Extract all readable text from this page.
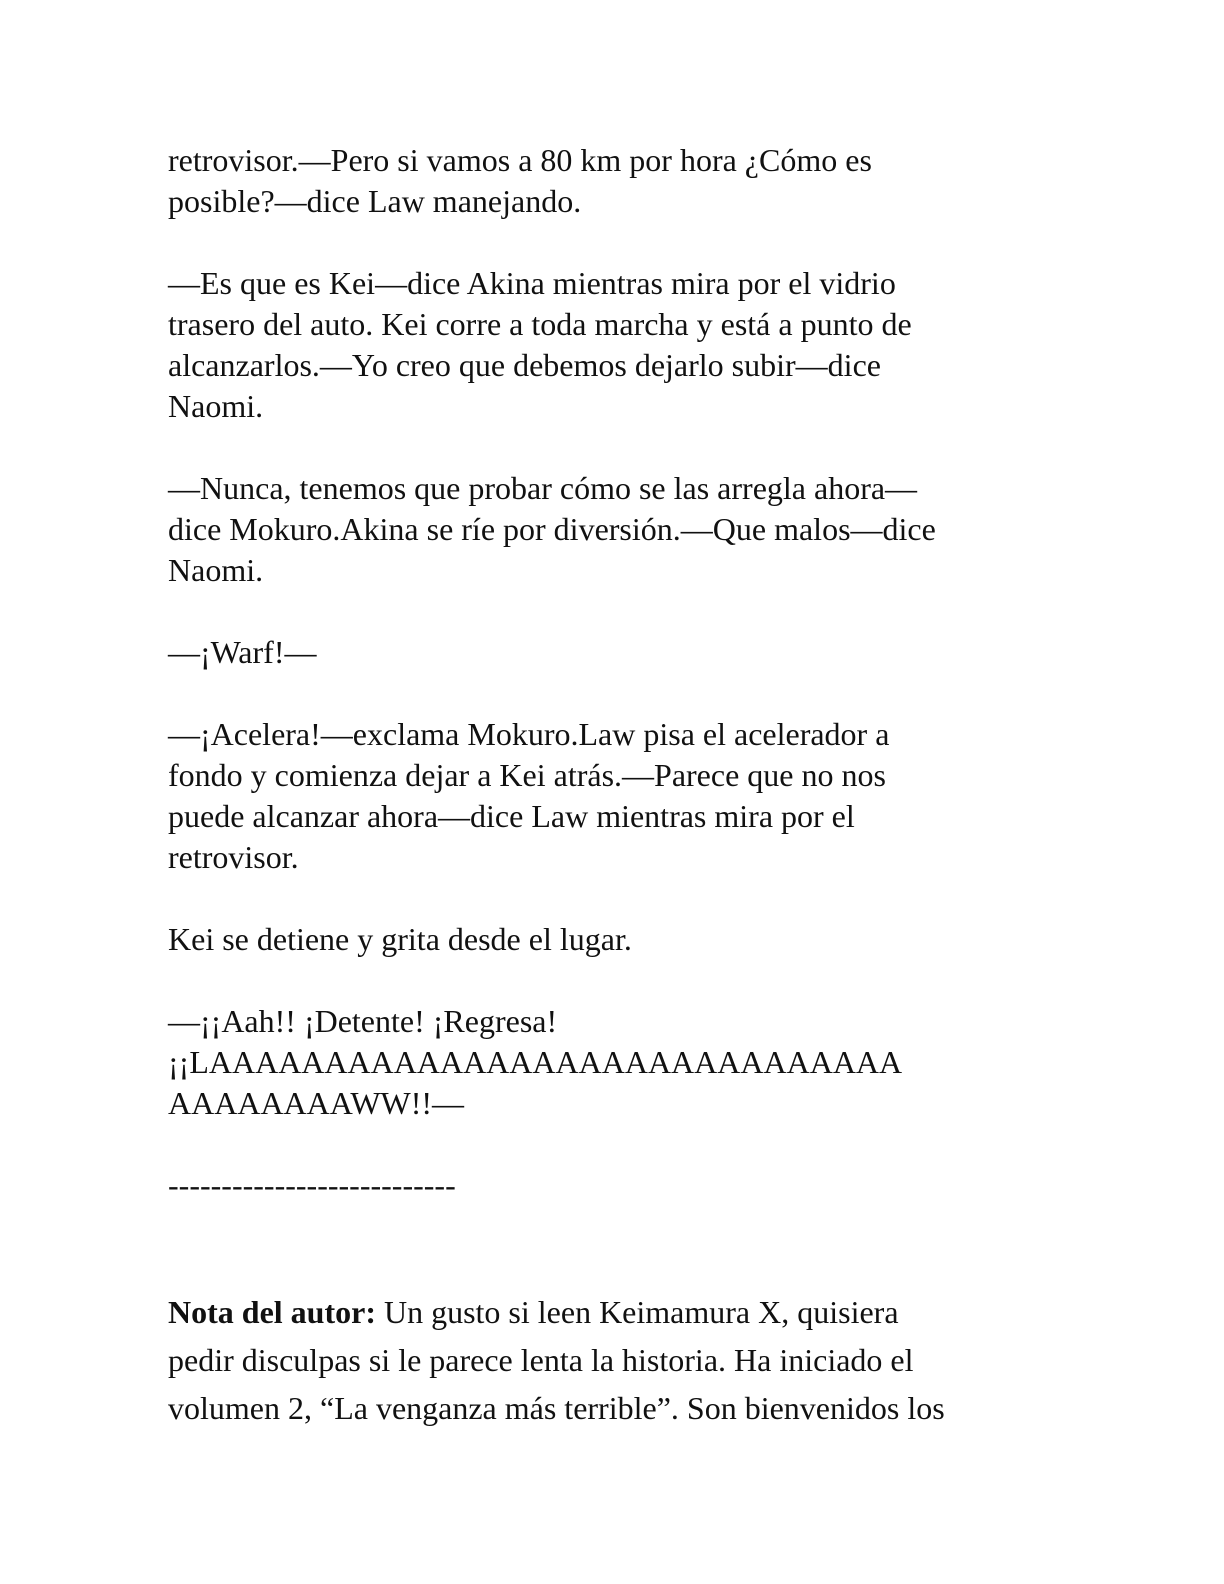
retrovisor.—Pero si vamos a 80 km por hora ¿Cómo es
posible?—dice Law manejando.
—Es que es Kei—dice Akina mientras mira por el vidrio
trasero del auto. Kei corre a toda marcha y está a punto de
alcanzarlos.—Yo creo que debemos dejarlo subir—dice
Naomi.
—Nunca, tenemos que probar cómo se las arregla ahora—
dice Mokuro.Akina se ríe por diversión.—Que malos—dice
Naomi.
—¡Warf!—
—¡Acelera!—exclama Mokuro.Law pisa el acelerador a
fondo y comienza dejar a Kei atrás.—Parece que no nos
puede alcanzar ahora—dice Law mientras mira por el
retrovisor.
Kei se detiene y grita desde el lugar.
—¡¡Aah!! ¡Detente! ¡Regresa!
¡¡LAAAAAAAAAAAAAAAAAAAAAAAAAAAAAA
AAAAAAAAWW!!—
---------------------------
Nota del autor: Un gusto si leen Keimamura X, quisiera
pedir disculpas si le parece lenta la historia. Ha iniciado el
volumen 2, “La venganza más terrible”. Son bienvenidos los
